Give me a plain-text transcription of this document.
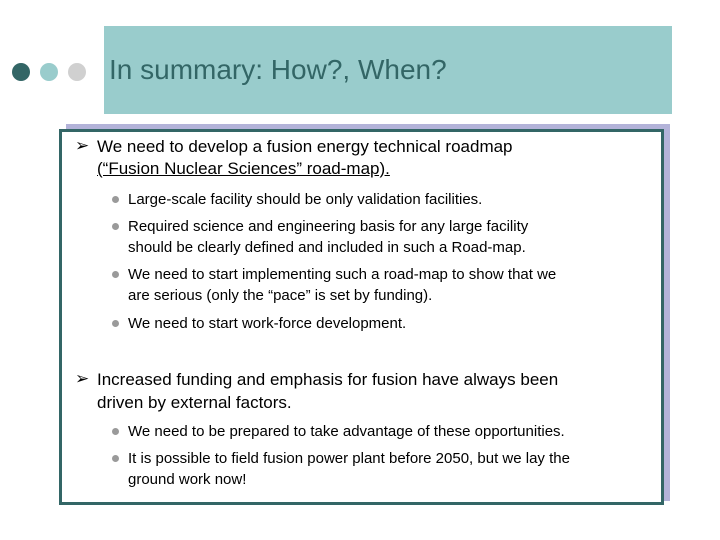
In summary: How?, When?
➢ We need to develop a fusion energy technical roadmap
(“Fusion Nuclear Sciences” road-map).
Large-scale facility should be only validation facilities.
Required science and engineering basis for any large facility
should be clearly defined and included in such a Road-map.
We need to start implementing such a road-map to show that we
are serious (only the “pace” is set by funding).
We need to start work-force development.
➢ Increased funding and emphasis for fusion have always been
driven by external factors.
We need to be prepared to take advantage of these opportunities.
It is possible to field fusion power plant before 2050, but we lay the
ground work now!
